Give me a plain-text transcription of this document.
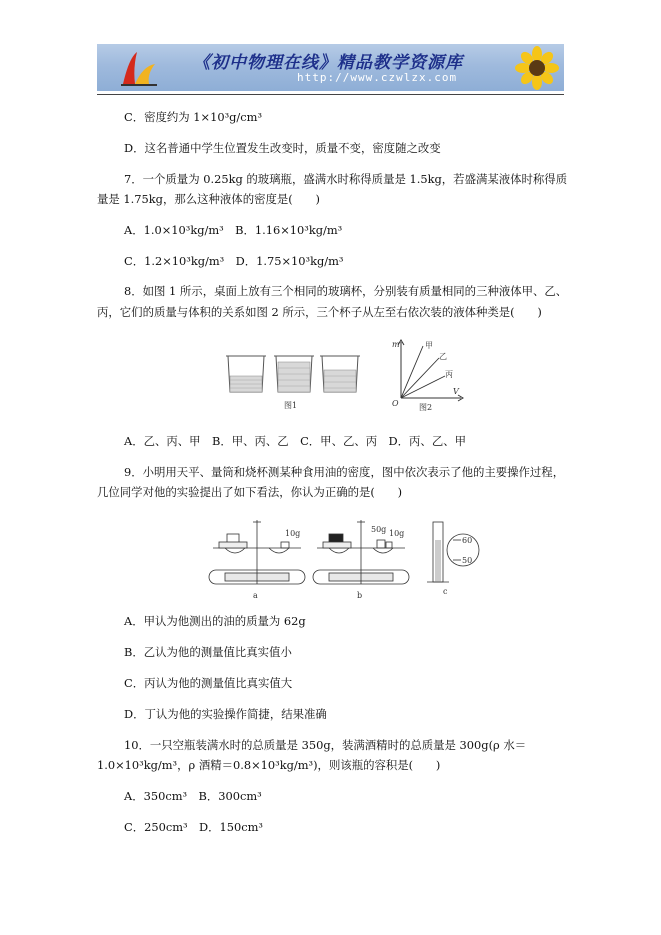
《初中物理在线》精品教学资源库
http://www.czwlzx.com
C．密度约为 1×10³g/cm³
D．这名普通中学生位置发生改变时，质量不变，密度随之改变
7．一个质量为 0.25kg 的玻璃瓶，盛满水时称得质量是 1.5kg，若盛满某液体时称得质
量是 1.75kg，那么这种液体的密度是(　　)
A．1.0×10³kg/m³　B．1.16×10³kg/m³
C．1.2×10³kg/m³　D．1.75×10³kg/m³
8．如图 1 所示，桌面上放有三个相同的玻璃杯，分别装有质量相同的三种液体甲、乙、
丙，它们的质量与体积的关系如图 2 所示，三个杯子从左至右依次装的液体种类是(　　)
图1
m
V
O
甲
乙
丙
图2
A．乙、丙、甲　B．甲、丙、乙　C．甲、乙、丙　D．丙、乙、甲
9．小明用天平、量筒和烧杯测某种食用油的密度，图中依次表示了他的主要操作过程，
几位同学对他的实验提出了如下看法，你认为正确的是(　　)
10g
a
50g 10g
b
60
50
c
A．甲认为他测出的油的质量为 62g
B．乙认为他的测量值比真实值小
C．丙认为他的测量值比真实值大
D．丁认为他的实验操作简捷，结果准确
10．一只空瓶装满水时的总质量是 350g，装满酒精时的总质量是 300g(ρ 水＝
1.0×10³kg/m³，ρ 酒精＝0.8×10³kg/m³)，则该瓶的容积是(　　)
A．350cm³　B．300cm³
C．250cm³　D．150cm³
